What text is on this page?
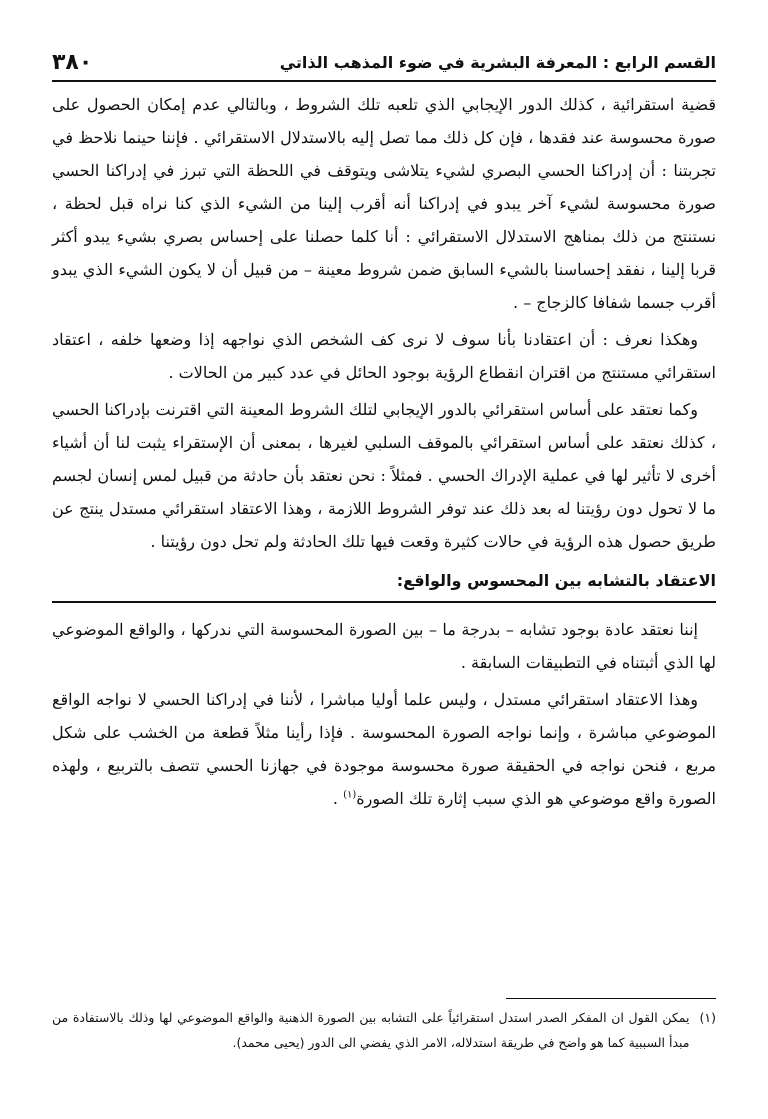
القسم الرابع : المعرفة البشرية في ضوء المذهب الذاتي
٣٨٠

قضية استقرائية ، كذلك الدور الإيجابي الذي تلعبه تلك الشروط ، وبالتالي عدم إمكان الحصول على صورة محسوسة عند فقدها ، فإن كل ذلك مما تصل إليه بالاستدلال الاستقرائي . فإننا حينما نلاحظ في تجربتنا : أن إدراكنا الحسي البصري لشيء يتلاشى ويتوقف في اللحظة التي تبرز في إدراكنا الحسي صورة محسوسة لشيء آخر يبدو في إدراكنا أنه أقرب إلينا من الشيء الذي كنا نراه قبل لحظة ، نستنتج من ذلك بمناهج الاستدلال الاستقرائي : أنا كلما حصلنا على إحساس بصري بشيء يبدو أكثر قربا إلينا ، نفقد إحساسنا بالشيء السابق ضمن شروط معينة – من قبيل أن لا يكون الشيء الذي يبدو أقرب جسما شفافا كالزجاج – .

وهكذا نعرف : أن اعتقادنا بأنا سوف لا نرى كف الشخص الذي نواجهه إذا وضعها خلفه ، اعتقاد استقرائي مستنتج من اقتران انقطاع الرؤية بوجود الحائل في عدد كبير من الحالات .

وكما نعتقد على أساس استقرائي بالدور الإيجابي لتلك الشروط المعينة التي اقترنت بإدراكنا الحسي ، كذلك نعتقد على أساس استقرائي بالموقف السلبي لغيرها ، بمعنى أن الإستقراء يثبت لنا أن أشياء أخرى لا تأثير لها في عملية الإدراك الحسي . فمثلاً : نحن نعتقد بأن حادثة من قبيل لمس إنسان لجسم ما لا تحول دون رؤيتنا له بعد ذلك عند توفر الشروط اللازمة ، وهذا الاعتقاد استقرائي مستدل ينتج عن طريق حصول هذه الرؤية في حالات كثيرة وقعت فيها تلك الحادثة ولم تحل دون رؤيتنا .

الاعتقاد بالتشابه بين المحسوس والواقع:

إننا نعتقد عادة بوجود تشابه – بدرجة ما – بين الصورة المحسوسة التي ندركها ، والواقع الموضوعي لها الذي أثبتناه في التطبيقات السابقة .

وهذا الاعتقاد استقرائي مستدل ، وليس علما أوليا مباشرا ، لأننا في إدراكنا الحسي لا نواجه الواقع الموضوعي مباشرة ، وإنما نواجه الصورة المحسوسة . فإذا رأينا مثلاً قطعة من الخشب على شكل مربع ، فنحن نواجه في الحقيقة صورة محسوسة موجودة في جهازنا الحسي تتصف بالتربيع ، ولهذه الصورة واقع موضوعي هو الذي سبب إثارة تلك الصورة$^{(١)}$ .

(١)
يمكن القول ان المفكر الصدر استدل استقرائياً على التشابه بين الصورة الذهنية والواقع الموضوعي لها وذلك بالاستفادة من مبدأ السببية كما هو واضح في طريقة استدلاله، الامر الذي يفضي الى الدور (يحيى محمد).
